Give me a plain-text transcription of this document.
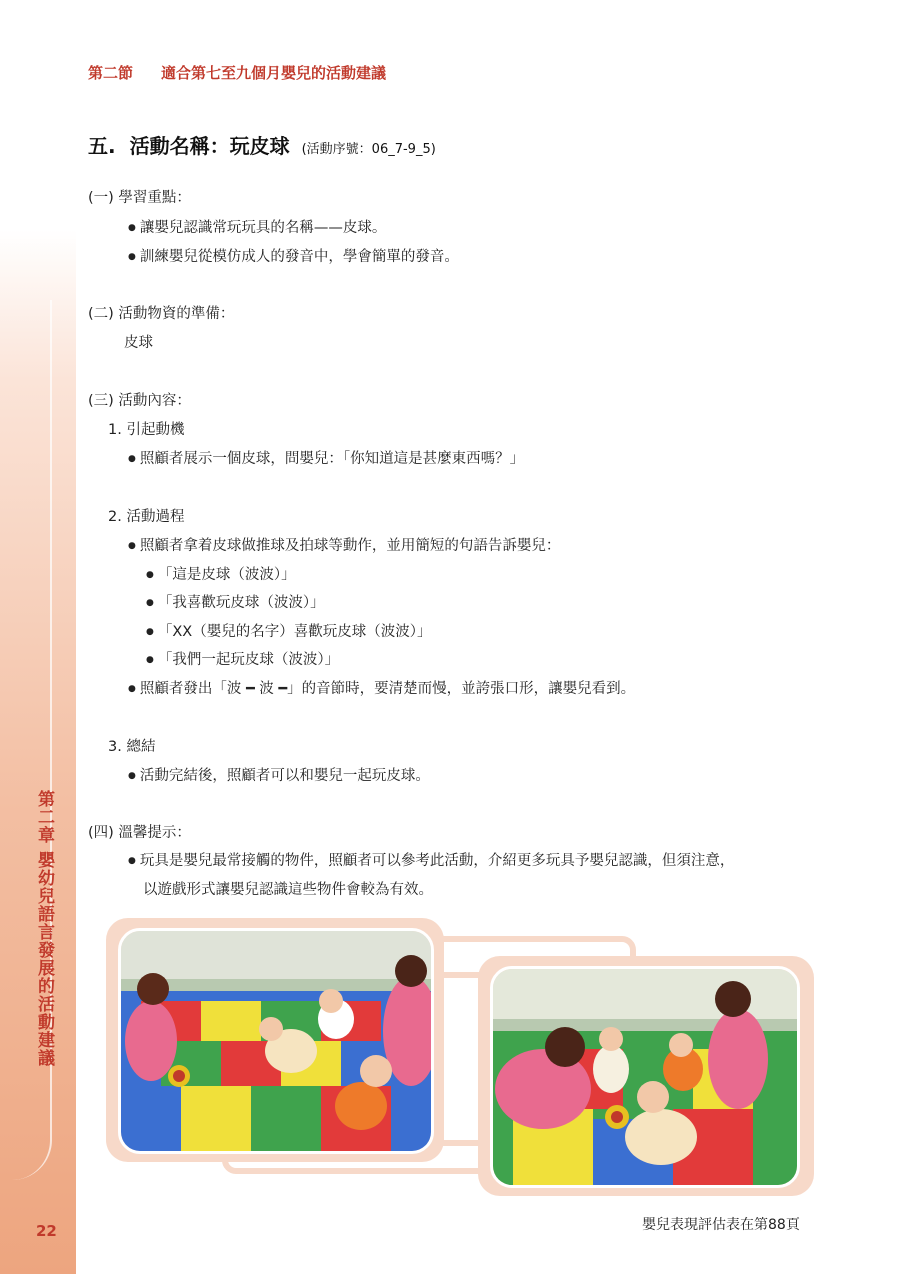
第二章 嬰幼兒語言發展的活動建議
22
第二節 適合第七至九個月嬰兒的活動建議
五. 活動名稱：玩皮球 (活動序號：06_7-9_5)
(一) 學習重點：
● 讓嬰兒認識常玩玩具的名稱——皮球。
● 訓練嬰兒從模仿成人的發音中，學會簡單的發音。
(二) 活動物資的準備：
皮球
(三) 活動內容：
1. 引起動機
● 照顧者展示一個皮球，問嬰兒：「你知道這是甚麼東西嗎？」
2. 活動過程
● 照顧者拿着皮球做推球及拍球等動作，並用簡短的句語告訴嬰兒：
● 「這是皮球（波波）」
● 「我喜歡玩皮球（波波）」
● 「XX（嬰兒的名字）喜歡玩皮球（波波）」
● 「我們一起玩皮球（波波）」
● 照顧者發出「波 ━ 波 ━」的音節時，要清楚而慢，並誇張口形，讓嬰兒看到。
3. 總結
● 活動完結後，照顧者可以和嬰兒一起玩皮球。
(四) 溫馨提示：
● 玩具是嬰兒最常接觸的物件，照顧者可以參考此活動，介紹更多玩具予嬰兒認識，但須注意，
以遊戲形式讓嬰兒認識這些物件會較為有效。
嬰兒表現評估表在第88頁
